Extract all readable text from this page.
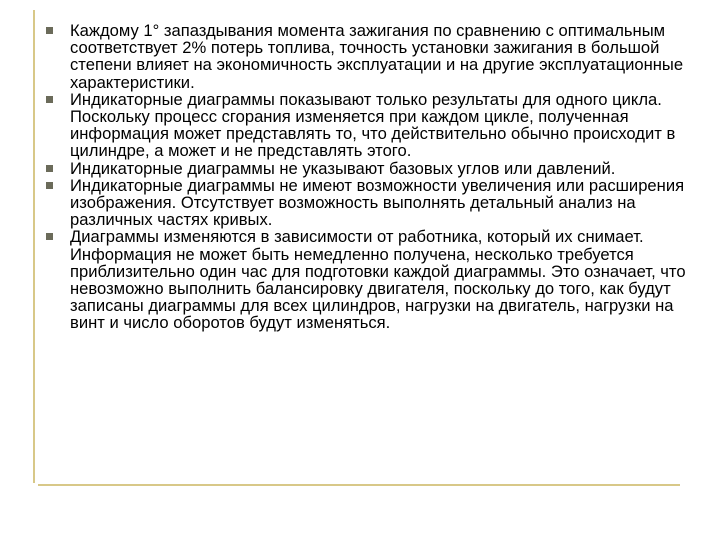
Каждому 1° запаздывания момента зажигания по сравнению с оптимальным соответствует 2% потерь топлива, точность установки зажигания в большой степени влияет на экономичность эксплуатации и на другие эксплуатационные характеристики.
Индикаторные диаграммы показывают только результаты для одного цикла. Поскольку процесс сгорания изменяется при каждом цикле, полученная информация может представлять то, что действительно обычно происходит в цилиндре, а может и не представлять этого.
Индикаторные диаграммы не указывают базовых углов или давлений.
Индикаторные диаграммы не имеют возможности увеличения или расширения изображения. Отсутствует возможность выполнять детальный анализ на различных частях кривых.
Диаграммы изменяются в зависимости от работника, который их снимает. Информация не может быть немедленно получена, несколько требуется приблизительно один час для подготовки каждой диаграммы. Это означает, что невозможно выполнить балансировку двигателя, поскольку до того, как будут записаны диаграммы для всех цилиндров, нагрузки на двигатель, нагрузки на винт и число оборотов будут изменяться.
